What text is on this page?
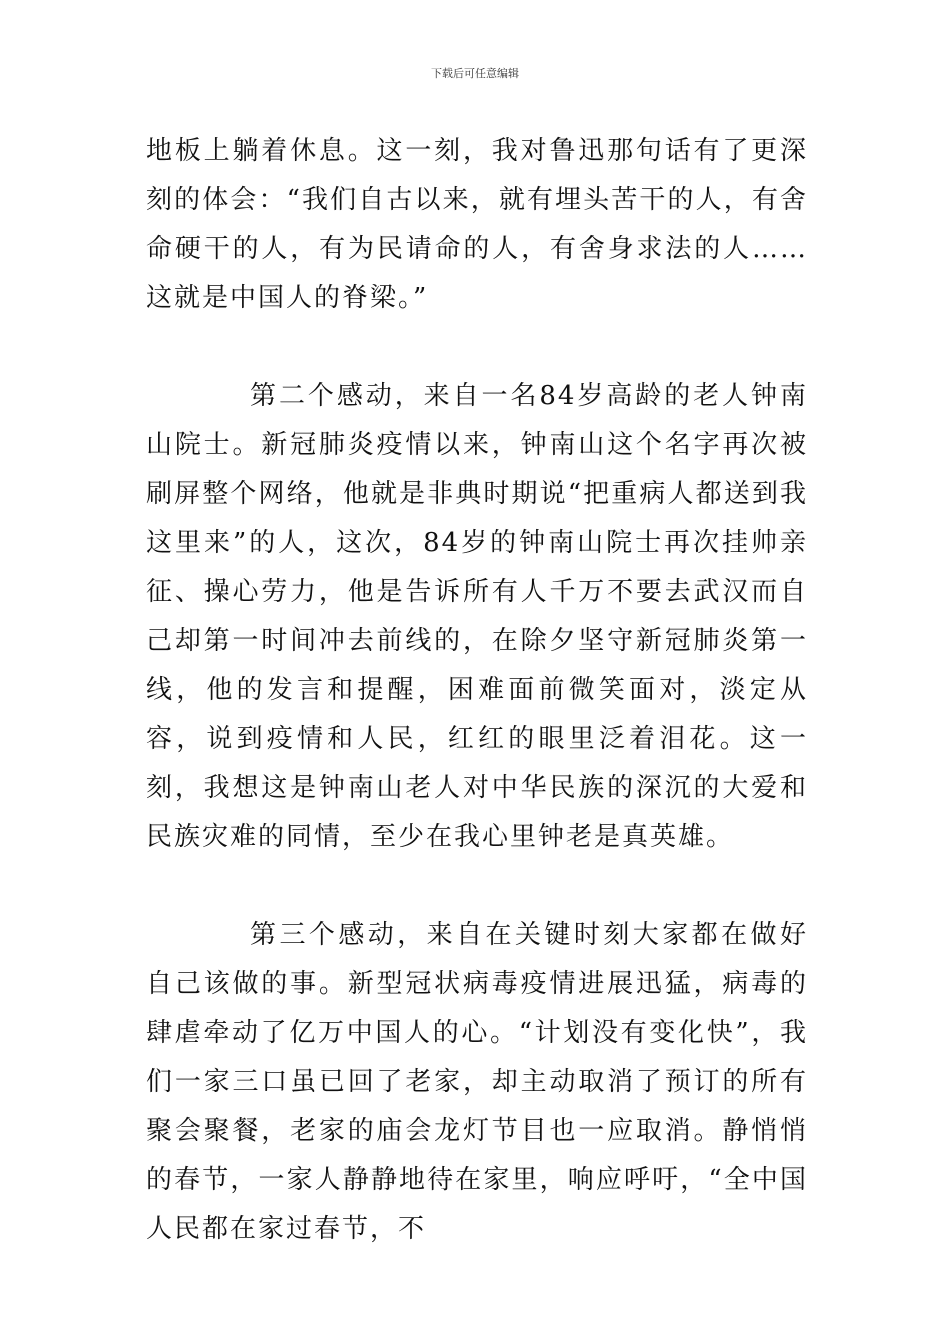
下载后可任意编辑

地板上躺着休息。这一刻，我对鲁迅那句话有了更深刻的体会：“我们自古以来，就有埋头苦干的人，有舍命硬干的人，有为民请命的人，有舍身求法的人……这就是中国人的脊梁。”

第二个感动，来自一名84岁高龄的老人钟南山院士。新冠肺炎疫情以来，钟南山这个名字再次被刷屏整个网络，他就是非典时期说“把重病人都送到我这里来”的人，这次，84岁的钟南山院士再次挂帅亲征、操心劳力，他是告诉所有人千万不要去武汉而自己却第一时间冲去前线的，在除夕坚守新冠肺炎第一线，他的发言和提醒，困难面前微笑面对，淡定从容，说到疫情和人民，红红的眼里泛着泪花。这一刻，我想这是钟南山老人对中华民族的深沉的大爱和民族灾难的同情，至少在我心里钟老是真英雄。

第三个感动，来自在关键时刻大家都在做好自己该做的事。新型冠状病毒疫情进展迅猛，病毒的肆虐牵动了亿万中国人的心。“计划没有变化快”，我们一家三口虽已回了老家，却主动取消了预订的所有聚会聚餐，老家的庙会龙灯节目也一应取消。静悄悄的春节，一家人静静地待在家里，响应呼吁，“全中国人民都在家过春节，不
